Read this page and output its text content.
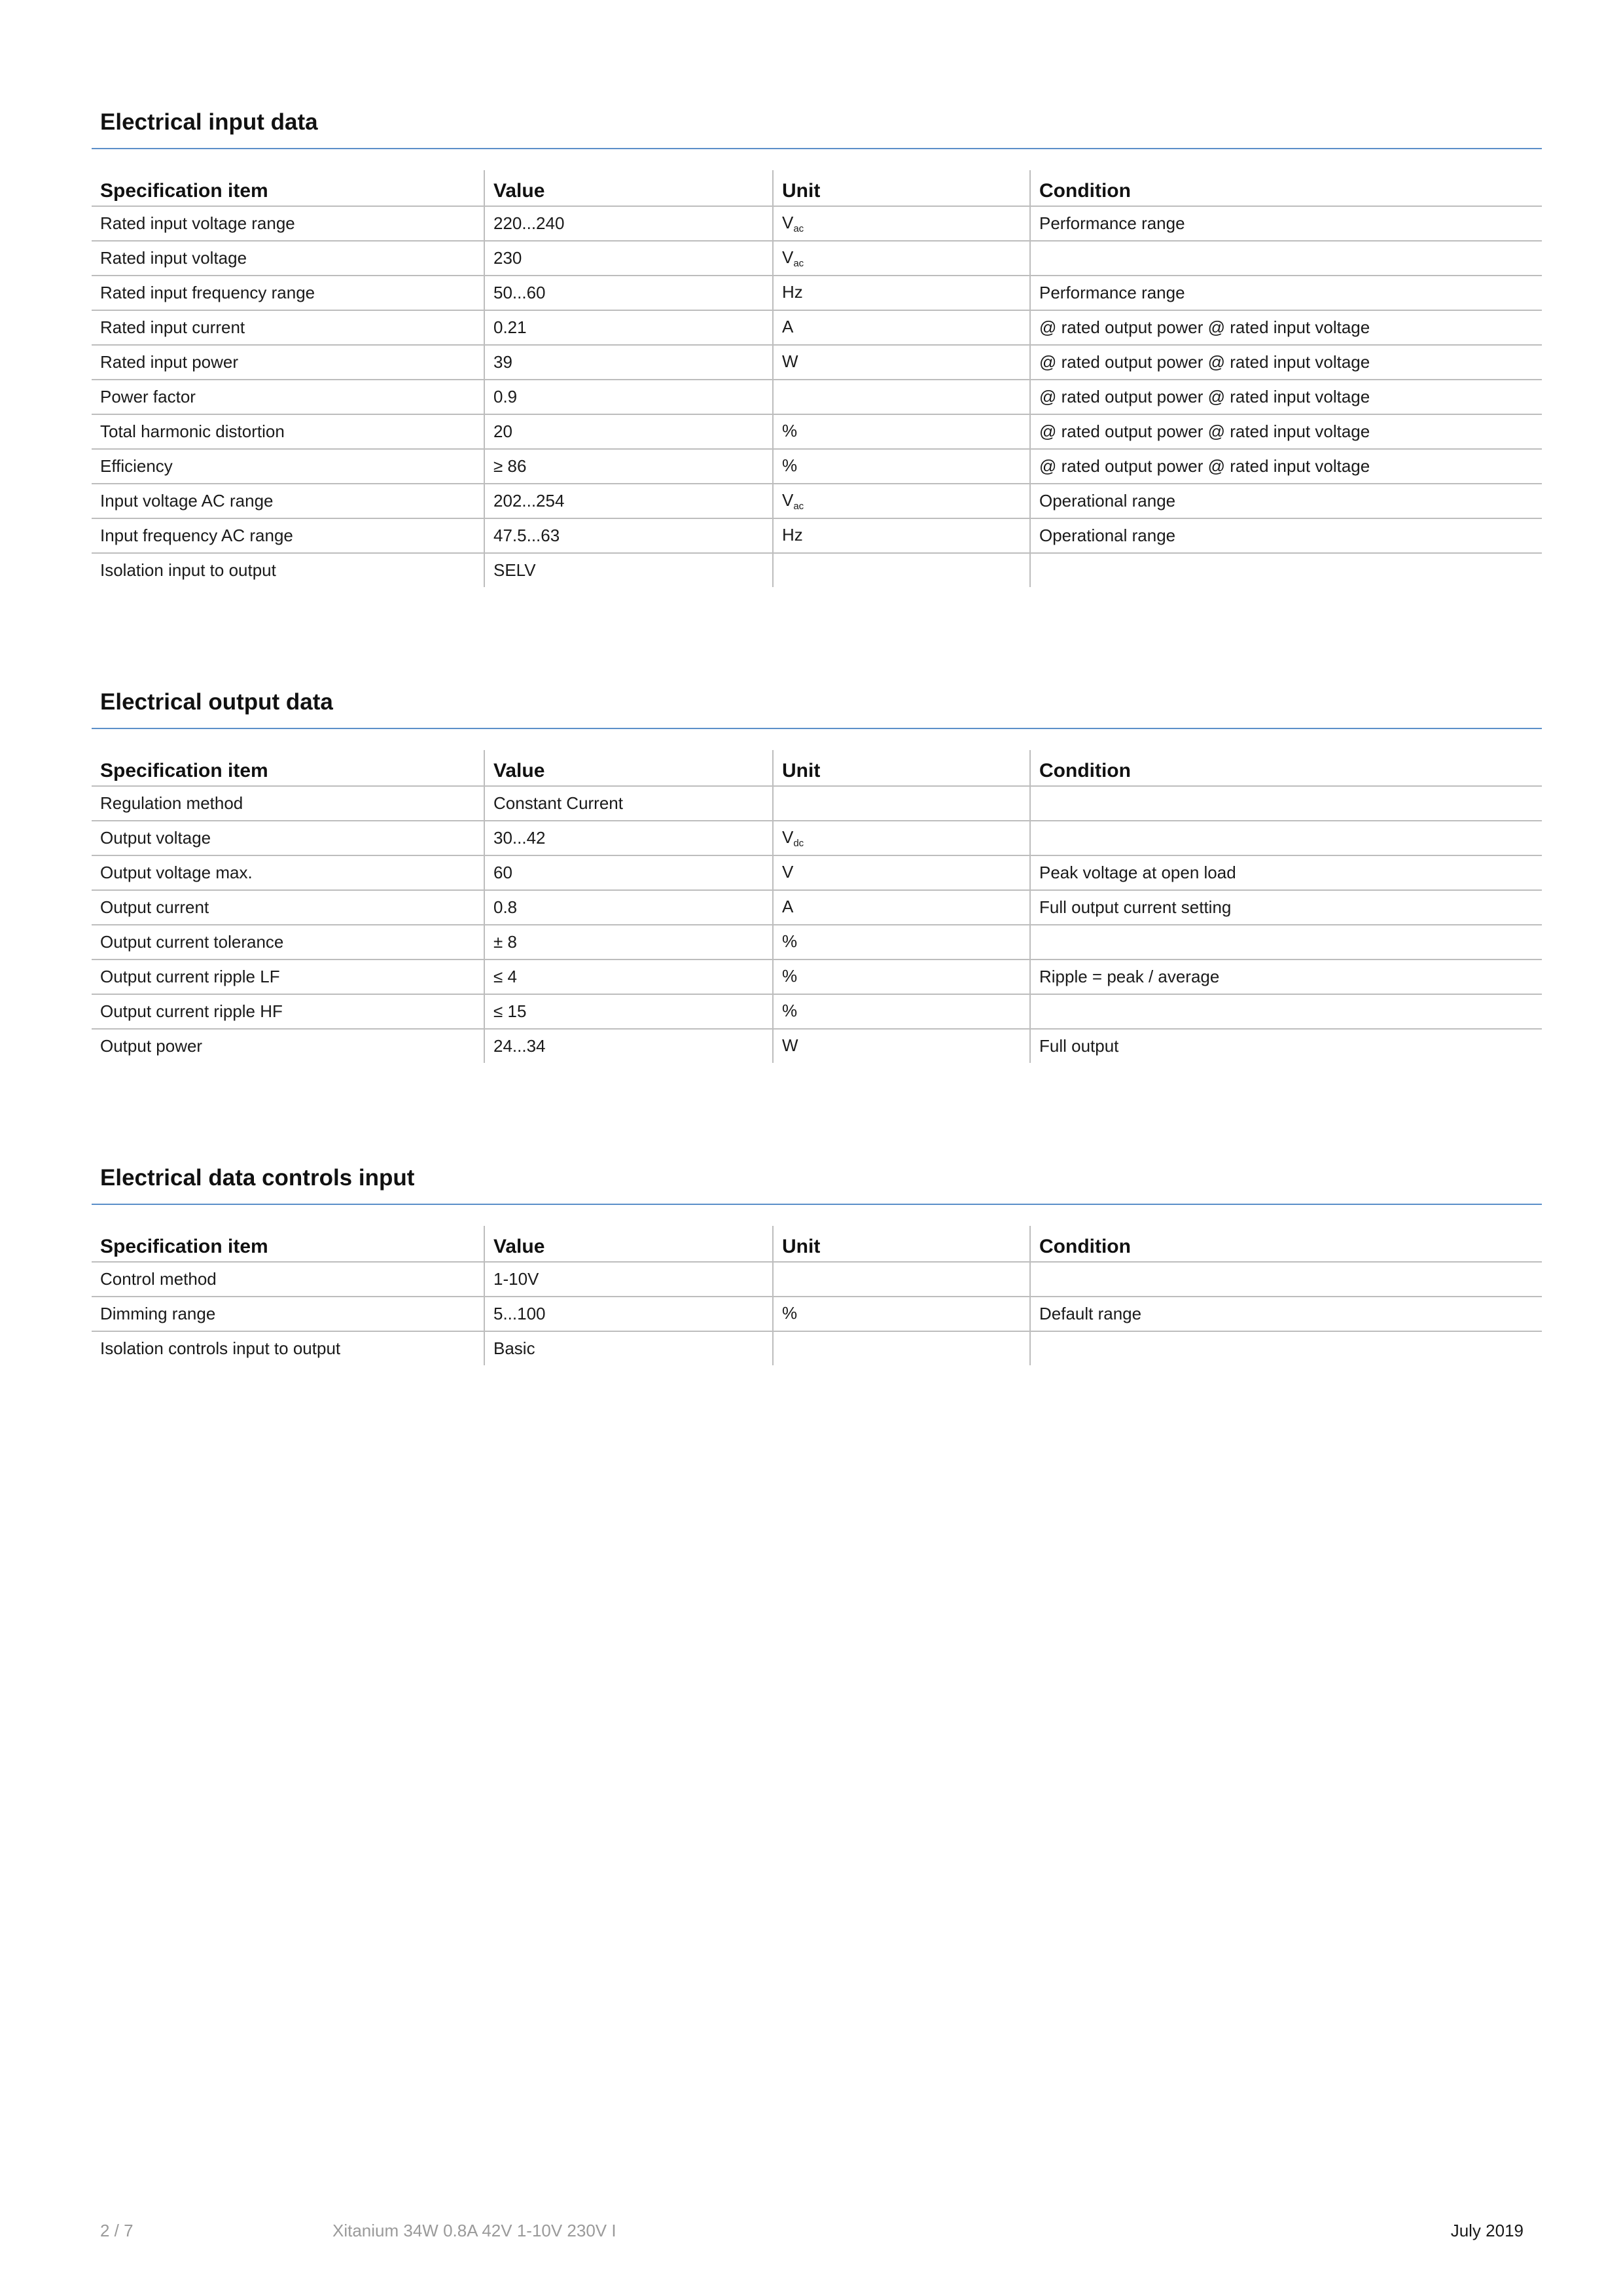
Electrical input data
Specification item	Value	Unit	Condition
Rated input voltage range	220...240	Vac	Performance range
Rated input voltage	230	Vac	
Rated input frequency range	50...60	Hz	Performance range
Rated input current	0.21	A	@ rated output power @ rated input voltage
Rated input power	39	W	@ rated output power @ rated input voltage
Power factor	0.9		@ rated output power @ rated input voltage
Total harmonic distortion	20	%	@ rated output power @ rated input voltage
Efficiency	≥ 86	%	@ rated output power @ rated input voltage
Input voltage AC range	202...254	Vac	Operational range
Input frequency AC range	47.5...63	Hz	Operational range
Isolation input to output	SELV		
Electrical output data
Specification item	Value	Unit	Condition
Regulation method	Constant Current		
Output voltage	30...42	Vdc	
Output voltage max.	60	V	Peak voltage at open load
Output current	0.8	A	Full output current setting
Output current tolerance	± 8	%	
Output current ripple LF	≤ 4	%	Ripple = peak / average
Output current ripple HF	≤ 15	%	
Output power	24...34	W	Full output
Electrical data controls input
Specification item	Value	Unit	Condition
Control method	1-10V		
Dimming range	5...100	%	Default range
Isolation controls input to output	Basic		
2 / 7	Xitanium 34W 0.8A 42V 1-10V 230V I	July 2019
